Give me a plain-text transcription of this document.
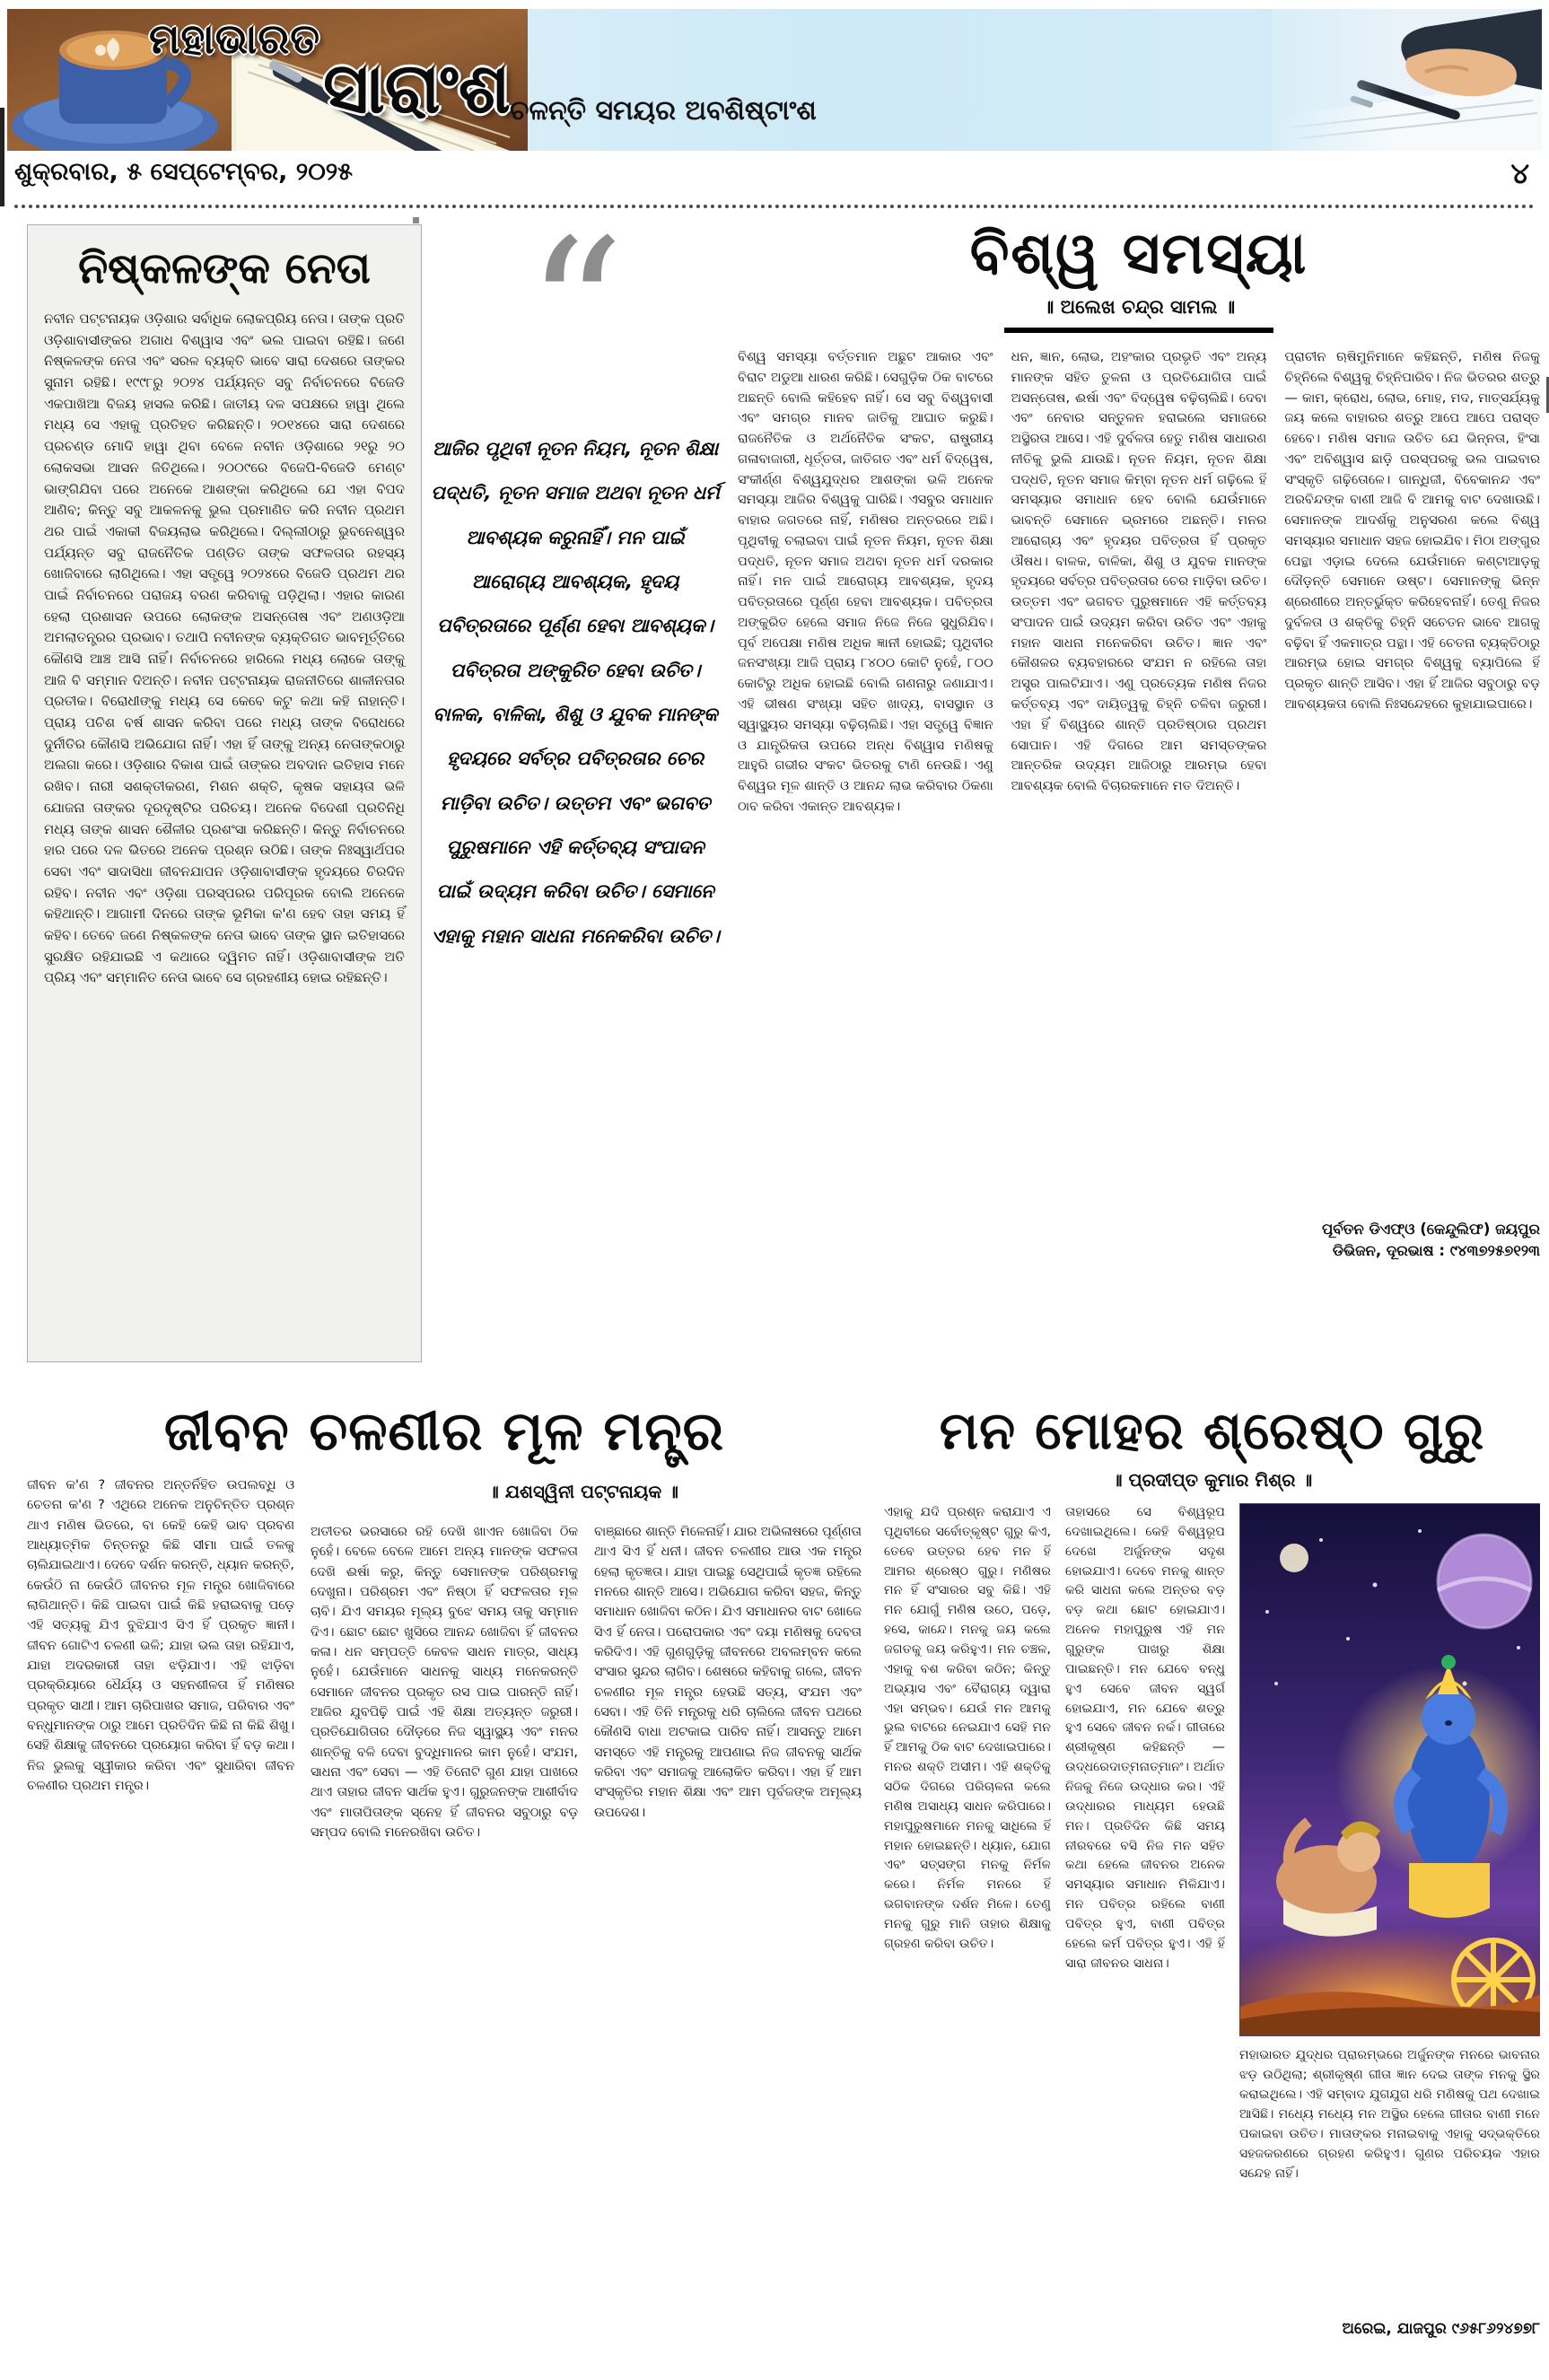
ମହାଭାରତ
ସାରାଂଶ ଚଳନ୍ତି ସମୟର ଅବଶିଷ୍ଟାଂଶ
ଶୁକ୍ରବାର, ୫ ସେପ୍ଟେମ୍ବର, ୨୦୨୫	୪
ନିଷ୍କଳଙ୍କ ନେତା
ନବୀନ ପଟ୍ଟନାୟକ ଓଡ଼ିଶାର ସର୍ବାଧିକ ଲୋକପ୍ରିୟ ନେତା। ତାଙ୍କ ପ୍ରତି ଓଡ଼ିଶାବାସୀଙ୍କର ଅଗାଧ ବିଶ୍ୱାସ ଏବଂ ଭଲ ପାଇବା ରହିଛି। ଜଣେ ନିଷ୍କଳଙ୍କ ନେତା ଏବଂ ସରଳ ବ୍ୟକ୍ତି ଭାବେ ସାରା ଦେଶରେ ତାଙ୍କର ସୁନାମ ରହିଛି। ୧୯୯୮ରୁ ୨୦୨୪ ପର୍ଯ୍ୟନ୍ତ ସବୁ ନିର୍ବାଚନରେ ବିଜେଡି ଏକପାଖିଆ ବିଜୟ ହାସଲ କରିଛି। ଜାତୀୟ ଦଳ ସପକ୍ଷରେ ହାୱା ଥିଲେ ମଧ୍ୟ ସେ ଏହାକୁ ପ୍ରତିହତ କରିଛନ୍ତି। ୨୦୧୪ରେ ସାରା ଦେଶରେ ପ୍ରଚଣ୍ଡ ମୋଦି ହାୱା ଥିବା ବେଳେ ନବୀନ ଓଡ଼ିଶାରେ ୨୧ରୁ ୨୦ ଲୋକସଭା ଆସନ ଜିତିଥିଲେ। ୨୦୦୯ରେ ବିଜେପି-ବିଜେଡି ମେଣ୍ଟ ଭାଙ୍ଗିଯିବା ପରେ ଅନେକେ ଆଶଙ୍କା କରିଥିଲେ ଯେ ଏହା ବିପଦ ଆଣିବ; କିନ୍ତୁ ସବୁ ଆକଳନକୁ ଭୁଲ ପ୍ରମାଣିତ କରି ନବୀନ ପ୍ରଥମ ଥର ପାଇଁ ଏକାକୀ ବିଜୟଲାଭ କରିଥିଲେ। ଦିଲ୍ଲୀଠାରୁ ଭୁବନେଶ୍ୱର ପର୍ଯ୍ୟନ୍ତ ସବୁ ରାଜନୈତିକ ପଣ୍ଡିତ ତାଙ୍କ ସଫଳତାର ରହସ୍ୟ ଖୋଜିବାରେ ଲାଗିଥିଲେ। ଏହା ସତ୍ତ୍ୱେ ୨୦୨୪ରେ ବିଜେଡି ପ୍ରଥମ ଥର ପାଇଁ ନିର୍ବାଚନରେ ପରାଜୟ ବରଣ କରିବାକୁ ପଡ଼ିଥିଲା। ଏହାର କାରଣ ହେଲା ପ୍ରଶାସନ ଉପରେ ଲୋକଙ୍କ ଅସନ୍ତୋଷ ଏବଂ ଅଣଓଡ଼ିଆ ଅମଲାତନ୍ତ୍ରର ପ୍ରଭାବ। ତଥାପି ନବୀନଙ୍କ ବ୍ୟକ୍ତିଗତ ଭାବମୂର୍ତ୍ତିରେ କୌଣସି ଆଞ୍ଚ ଆସି ନାହିଁ। ନିର୍ବାଚନରେ ହାରିଲେ ମଧ୍ୟ ଲୋକେ ତାଙ୍କୁ ଆଜି ବି ସମ୍ମାନ ଦିଅନ୍ତି। ନବୀନ ପଟ୍ଟନାୟକ ରାଜନୀତିରେ ଶାଳୀନତାର ପ୍ରତୀକ। ବିରୋଧୀଙ୍କୁ ମଧ୍ୟ ସେ କେବେ କଟୁ କଥା କହି ନାହାନ୍ତି। ପ୍ରାୟ ପଚିଶ ବର୍ଷ ଶାସନ କରିବା ପରେ ମଧ୍ୟ ତାଙ୍କ ବିରୋଧରେ ଦୁର୍ନୀତିର କୌଣସି ଅଭିଯୋଗ ନାହିଁ। ଏହା ହିଁ ତାଙ୍କୁ ଅନ୍ୟ ନେତାଙ୍କଠାରୁ ଅଲଗା କରେ। ଓଡ଼ିଶାର ବିକାଶ ପାଇଁ ତାଙ୍କର ଅବଦାନ ଇତିହାସ ମନେ ରଖିବ। ନାରୀ ସଶକ୍ତୀକରଣ, ମିଶନ ଶକ୍ତି, କୃଷକ ସହାୟତା ଭଳି ଯୋଜନା ତାଙ୍କର ଦୂରଦୃଷ୍ଟିର ପରିଚୟ। ଅନେକ ବିଦେଶୀ ପ୍ରତିନିଧି ମଧ୍ୟ ତାଙ୍କ ଶାସନ ଶୈଳୀର ପ୍ରଶଂସା କରିଛନ୍ତି। କିନ୍ତୁ ନିର୍ବାଚନରେ ହାର ପରେ ଦଳ ଭିତରେ ଅନେକ ପ୍ରଶ୍ନ ଉଠିଛି। ତାଙ୍କ ନିଃସ୍ୱାର୍ଥପର ସେବା ଏବଂ ସାଦାସିଧା ଜୀବନଯାପନ ଓଡ଼ିଶାବାସୀଙ୍କ ହୃଦୟରେ ଚିରଦିନ ରହିବ। ନବୀନ ଏବଂ ଓଡ଼ିଶା ପରସ୍ପରର ପରିପୂରକ ବୋଲି ଅନେକେ କହିଥାନ୍ତି। ଆଗାମୀ ଦିନରେ ତାଙ୍କ ଭୂମିକା କ'ଣ ହେବ ତାହା ସମୟ ହିଁ କହିବ। ତେବେ ଜଣେ ନିଷ୍କଳଙ୍କ ନେତା ଭାବେ ତାଙ୍କ ସ୍ଥାନ ଇତିହାସରେ ସୁରକ୍ଷିତ ରହିଯାଇଛି ଏ କଥାରେ ଦ୍ୱିମତ ନାହିଁ। ଓଡ଼ିଶାବାସୀଙ୍କ ଅତି ପ୍ରିୟ ଏବଂ ସମ୍ମାନିତ ନେତା ଭାବେ ସେ ଗ୍ରହଣୀୟ ହୋଇ ରହିଛନ୍ତି।
“
ଆଜିର ପୃଥିବୀ ନୂତନ ନିୟମ, ନୂତନ ଶିକ୍ଷା ପଦ୍ଧତି, ନୂତନ ସମାଜ ଅଥବା ନୂତନ ଧର୍ମ ଆବଶ୍ୟକ କରୁନାହିଁ। ମନ ପାଇଁ ଆରୋଗ୍ୟ ଆବଶ୍ୟକ, ହୃଦୟ ପବିତ୍ରତାରେ ପୂର୍ଣ୍ଣ ହେବା ଆବଶ୍ୟକ। ପବିତ୍ରତା ଅଙ୍କୁରିତ ହେବା ଉଚିତ। ବାଳକ, ବାଳିକା, ଶିଶୁ ଓ ଯୁବକ ମାନଙ୍କ ହୃଦୟରେ ସର୍ବତ୍ର ପବିତ୍ରତାର ଚେର ମାଡ଼ିବା ଉଚିତ। ଉତ୍ତମ ଏବଂ ଭଗବତ ପୁରୁଷମାନେ ଏହି କର୍ତ୍ତବ୍ୟ ସଂପାଦନ ପାଇଁ ଉଦ୍ୟମ କରିବା ଉଚିତ। ସେମାନେ ଏହାକୁ ମହାନ ସାଧନା ମନେକରିବା ଉଚିତ।
ବିଶ୍ୱ ସମସ୍ୟା
॥ ଅଲେଖ ଚନ୍ଦ୍ର ସାମଲ ॥
ବିଶ୍ୱ ସମସ୍ୟା ବର୍ତ୍ତମାନ ଅଛୁଟ ଆକାର ଏବଂ ବିରାଟ ଅଡୁଆ ଧାରଣ କରିଛି। ସେଗୁଡ଼ିକ ଠିକ ବାଟରେ ଅଛନ୍ତି ବୋଲି କହିହେବ ନାହିଁ। ସେ ସବୁ ବିଶ୍ୱବାସୀ ଏବଂ ସମଗ୍ର ମାନବ ଜାତିକୁ ଆଘାତ କରୁଛି। ରାଜନୈତିକ ଓ ଅର୍ଥନୈତିକ ସଂକଟ, ରାଷ୍ଟ୍ରୀୟ ଗଳାବାଜାରୀ, ଧୂର୍ତ୍ତତା, ଜାତିଗତ ଏବଂ ଧର୍ମ ବିଦ୍ୱେଷ, ସଂକୀର୍ଣ୍ଣ ବିଶ୍ୱଯୁଦ୍ଧର ଆଶଙ୍କା ଭଳି ଅନେକ ସମସ୍ୟା ଆଜିର ବିଶ୍ୱକୁ ଘାରିଛି। ଏସବୁର ସମାଧାନ ବାହାର ଜଗତରେ ନାହିଁ, ମଣିଷର ଅନ୍ତରରେ ଅଛି। ପୃଥିବୀକୁ ଚଲାଇବା ପାଇଁ ନୂତନ ନିୟମ, ନୂତନ ଶିକ୍ଷା ପଦ୍ଧତି, ନୂତନ ସମାଜ ଅଥବା ନୂତନ ଧର୍ମ ଦରକାର ନାହିଁ। ମନ ପାଇଁ ଆରୋଗ୍ୟ ଆବଶ୍ୟକ, ହୃଦୟ ପବିତ୍ରତାରେ ପୂର୍ଣ୍ଣ ହେବା ଆବଶ୍ୟକ। ପବିତ୍ରତା ଅଙ୍କୁରିତ ହେଲେ ସମାଜ ନିଜେ ନିଜେ ସୁଧୁରିଯିବ। ପୂର୍ବ ଅପେକ୍ଷା ମଣିଷ ଅଧିକ ଜ୍ଞାନୀ ହୋଇଛି; ପୃଥିବୀର ଜନସଂଖ୍ୟା ଆଜି ପ୍ରାୟ ୮୪୦୦ କୋଟି ନୁହେଁ, ୮୦୦ କୋଟିରୁ ଅଧିକ ହୋଇଛି ବୋଲି ଗଣନାରୁ ଜଣାଯାଏ। ଏହି ଭୀଷଣ ସଂଖ୍ୟା ସହିତ ଖାଦ୍ୟ, ବାସସ୍ଥାନ ଓ ସ୍ୱାସ୍ଥ୍ୟର ସମସ୍ୟା ବଢ଼ିଚାଲିଛି। ଏହା ସତ୍ତ୍ୱେ ବିଜ୍ଞାନ ଓ ଯାନ୍ତ୍ରିକତା ଉପରେ ଅନ୍ଧ ବିଶ୍ୱାସ ମଣିଷକୁ ଆହୁରି ଗଭୀର ସଂକଟ ଭିତରକୁ ଟାଣି ନେଉଛି। ଏଣୁ ବିଶ୍ୱର ମୂଳ ଶାନ୍ତି ଓ ଆନନ୍ଦ ଲାଭ କରିବାର ଠିକଣା ଠାବ କରିବା ଏକାନ୍ତ ଆବଶ୍ୟକ।
ଧନ, ଜ୍ଞାନ, ଲୋଭ, ଅହଂକାର ପ୍ରଭୃତି ଏବଂ ଅନ୍ୟ ମାନଙ୍କ ସହିତ ତୁଳନା ଓ ପ୍ରତିଯୋଗିତା ପାଇଁ ଅସନ୍ତୋଷ, ଈର୍ଷା ଏବଂ ବିଦ୍ୱେଷ ବଢ଼ିଚାଲିଛି। ଦେବା ଏବଂ ନେବାର ସନ୍ତୁଳନ ହରାଇଲେ ସମାଜରେ ଅସ୍ଥିରତା ଆସେ। ଏହି ଦୁର୍ବଳତା ହେତୁ ମଣିଷ ସାଧାରଣ ନୀତିକୁ ଭୁଲି ଯାଉଛି। ନୂତନ ନିୟମ, ନୂତନ ଶିକ୍ଷା ପଦ୍ଧତି, ନୂତନ ସମାଜ କିମ୍ବା ନୂତନ ଧର୍ମ ଗଢ଼ିଲେ ହିଁ ସମସ୍ୟାର ସମାଧାନ ହେବ ବୋଲି ଯେଉଁମାନେ ଭାବନ୍ତି ସେମାନେ ଭ୍ରମରେ ଅଛନ୍ତି। ମନର ଆରୋଗ୍ୟ ଏବଂ ହୃଦୟର ପବିତ୍ରତା ହିଁ ପ୍ରକୃତ ଔଷଧ। ବାଳକ, ବାଳିକା, ଶିଶୁ ଓ ଯୁବକ ମାନଙ୍କ ହୃଦୟରେ ସର୍ବତ୍ର ପବିତ୍ରତାର ଚେର ମାଡ଼ିବା ଉଚିତ। ଉତ୍ତମ ଏବଂ ଭଗବତ ପୁରୁଷମାନେ ଏହି କର୍ତ୍ତବ୍ୟ ସଂପାଦନ ପାଇଁ ଉଦ୍ୟମ କରିବା ଉଚିତ ଏବଂ ଏହାକୁ ମହାନ ସାଧନା ମନେକରିବା ଉଚିତ। ଜ୍ଞାନ ଏବଂ କୌଶଳର ବ୍ୟବହାରରେ ସଂଯମ ନ ରହିଲେ ତାହା ଅସ୍ତ୍ର ପାଲଟିଯାଏ। ଏଣୁ ପ୍ରତ୍ୟେକ ମଣିଷ ନିଜର କର୍ତ୍ତବ୍ୟ ଏବଂ ଦାୟିତ୍ୱକୁ ଚିହ୍ନି ଚଳିବା ଜରୁରୀ। ଏହା ହିଁ ବିଶ୍ୱରେ ଶାନ୍ତି ପ୍ରତିଷ୍ଠାର ପ୍ରଥମ ସୋପାନ। ଏହି ଦିଗରେ ଆମ ସମସ୍ତଙ୍କର ଆନ୍ତରିକ ଉଦ୍ୟମ ଆଜିଠାରୁ ଆରମ୍ଭ ହେବା ଆବଶ୍ୟକ ବୋଲି ବିଚାରକମାନେ ମତ ଦିଅନ୍ତି।
ପ୍ରାଚୀନ ଋଷିମୁନିମାନେ କହିଛନ୍ତି, ମଣିଷ ନିଜକୁ ଚିହ୍ନିଲେ ବିଶ୍ୱକୁ ଚିହ୍ନିପାରିବ। ନିଜ ଭିତରର ଶତ୍ରୁ — କାମ, କ୍ରୋଧ, ଲୋଭ, ମୋହ, ମଦ, ମାତ୍ସର୍ଯ୍ୟକୁ ଜୟ କଲେ ବାହାରର ଶତ୍ରୁ ଆପେ ଆପେ ପରାସ୍ତ ହେବେ। ମଣିଷ ସମାଜ ଉଚିତ ଯେ ଭିନ୍ନତା, ହିଂସା ଏବଂ ଅବିଶ୍ୱାସ ଛାଡ଼ି ପରସ୍ପରକୁ ଭଲ ପାଇବାର ସଂସ୍କୃତି ଗଢ଼ିତୋଳେ। ଗାନ୍ଧିଜୀ, ବିବେକାନନ୍ଦ ଏବଂ ଅରବିନ୍ଦଙ୍କ ବାଣୀ ଆଜି ବି ଆମକୁ ବାଟ ଦେଖାଉଛି। ସେମାନଙ୍କ ଆଦର୍ଶକୁ ଅନୁସରଣ କଲେ ବିଶ୍ୱ ସମସ୍ୟାର ସମାଧାନ ସହଜ ହୋଇଯିବ। ମିଠା ଅଙ୍ଗୁର ପେନ୍ଥା ଏଡ଼ାଇ ଦେଲେ ଯେଉଁମାନେ କଣ୍ଟାଆଡ଼କୁ ଦୌଡ଼ନ୍ତି ସେମାନେ ଉଷ୍ଟ। ସେମାନଙ୍କୁ ଭିନ୍ନ ଶ୍ରେଣୀରେ ଅନ୍ତର୍ଭୁକ୍ତ କରିହେବନାହିଁ। ତେଣୁ ନିଜର ଦୁର୍ବଳତା ଓ ଶକ୍ତିକୁ ଚିହ୍ନି ସଚେତନ ଭାବେ ଆଗକୁ ବଢ଼ିବା ହିଁ ଏକମାତ୍ର ପନ୍ଥା। ଏହି ଚେତନା ବ୍ୟକ୍ତିଠାରୁ ଆରମ୍ଭ ହୋଇ ସମଗ୍ର ବିଶ୍ୱକୁ ବ୍ୟାପିଲେ ହିଁ ପ୍ରକୃତ ଶାନ୍ତି ଆସିବ। ଏହା ହିଁ ଆଜିର ସବୁଠାରୁ ବଡ଼ ଆବଶ୍ୟକତା ବୋଲି ନିଃସନ୍ଦେହରେ କୁହାଯାଇପାରେ।
ପୂର୍ବତନ ଡିଏଫ୍ଓ (କେନ୍ଦୁଲିଫ) ଜୟପୁର
ଡିଭିଜନ, ଦୂରଭାଷ : ୯୪୩୭୨୫୭୧୨୩
ଜୀବନ ଚଳଣୀର ମୂଳ ମନ୍ତ୍ର
॥ ଯଶସ୍ୱିନୀ ପଟ୍ଟନାୟକ ॥
ଜୀବନ କ'ଣ ? ଜୀବନର ଅନ୍ତର୍ନିହିତ ଉପଲବ୍ଧି ଓ ଚେତନା କ'ଣ ? ଏଥିରେ ଅନେକ ଅନୁଚିନ୍ତିତ ପ୍ରଶ୍ନ ଥାଏ ମଣିଷ ଭିତରେ, ବା କେହି କେହି ଭାବ ପ୍ରବଣ ଆଧ୍ୟାତ୍ମିକ ଚିନ୍ତନରୁ କିଛି ସୀମା ପାଇଁ ତଳକୁ ଚାଲିଯାଇଥାଏ। ଦେବେ ଦର୍ଶନ କରନ୍ତି, ଧ୍ୟାନ କରନ୍ତି, କେଉଁଠି ନା କେଉଁଠି ଜୀବନର ମୂଳ ମନ୍ତ୍ର ଖୋଜିବାରେ ଲାଗିଥାନ୍ତି। କିଛି ପାଇବା ପାଇଁ କିଛି ହରାଇବାକୁ ପଡ଼େ ଏହି ସତ୍ୟକୁ ଯିଏ ବୁଝିଯାଏ ସିଏ ହିଁ ପ୍ରକୃତ ଜ୍ଞାନୀ। ଜୀବନ ଗୋଟିଏ ଚଳଣୀ ଭଳି; ଯାହା ଭଲ ତାହା ରହିଯାଏ, ଯାହା ଅଦରକାରୀ ତାହା ଝଡ଼ିଯାଏ। ଏହି ଝାଡ଼ିବା ପ୍ରକ୍ରିୟାରେ ଧୈର୍ଯ୍ୟ ଓ ସହନଶୀଳତା ହିଁ ମଣିଷର ପ୍ରକୃତ ସାଥୀ। ଆମ ଚାରିପାଖର ସମାଜ, ପରିବାର ଏବଂ ବନ୍ଧୁମାନଙ୍କ ଠାରୁ ଆମେ ପ୍ରତିଦିନ କିଛି ନା କିଛି ଶିଖୁ। ସେହି ଶିକ୍ଷାକୁ ଜୀବନରେ ପ୍ରୟୋଗ କରିବା ହିଁ ବଡ଼ କଥା। ନିଜ ଭୁଲକୁ ସ୍ୱୀକାର କରିବା ଏବଂ ସୁଧାରିବା ଜୀବନ ଚଳଣୀର ପ୍ରଥମ ମନ୍ତ୍ର।
ଅତୀତର ଭରସାରେ ରହି ଦେଖି ଖାଏନ ଖୋଜିବା ଠିକ ନୁହେଁ। ବେଳେ ବେଳେ ଆମେ ଅନ୍ୟ ମାନଙ୍କ ସଫଳତା ଦେଖି ଈର୍ଷା କରୁ, କିନ୍ତୁ ସେମାନଙ୍କ ପରିଶ୍ରମକୁ ଦେଖୁନା। ପରିଶ୍ରମ ଏବଂ ନିଷ୍ଠା ହିଁ ସଫଳତାର ମୂଳ ଚାବି। ଯିଏ ସମୟର ମୂଲ୍ୟ ବୁଝେ ସମୟ ତାକୁ ସମ୍ମାନ ଦିଏ। ଛୋଟ ଛୋଟ ଖୁସିରେ ଆନନ୍ଦ ଖୋଜିବା ହିଁ ଜୀବନର କଳା। ଧନ ସମ୍ପତ୍ତି କେବଳ ସାଧନ ମାତ୍ର, ସାଧ୍ୟ ନୁହେଁ। ଯେଉଁମାନେ ସାଧନକୁ ସାଧ୍ୟ ମନେକରନ୍ତି ସେମାନେ ଜୀବନର ପ୍ରକୃତ ରସ ପାଇ ପାରନ୍ତି ନାହିଁ। ଆଜିର ଯୁବପିଢ଼ି ପାଇଁ ଏହି ଶିକ୍ଷା ଅତ୍ୟନ୍ତ ଜରୁରୀ। ପ୍ରତିଯୋଗିତାର ଦୌଡ଼ରେ ନିଜ ସ୍ୱାସ୍ଥ୍ୟ ଏବଂ ମନର ଶାନ୍ତିକୁ ବଳି ଦେବା ବୁଦ୍ଧିମାନର କାମ ନୁହେଁ। ସଂଯମ, ସାଧନା ଏବଂ ସେବା — ଏହି ତିନୋଟି ଗୁଣ ଯାହା ପାଖରେ ଥାଏ ତାହାର ଜୀବନ ସାର୍ଥକ ହୁଏ। ଗୁରୁଜନଙ୍କ ଆଶୀର୍ବାଦ ଏବଂ ମାତାପିତାଙ୍କ ସ୍ନେହ ହିଁ ଜୀବନର ସବୁଠାରୁ ବଡ଼ ସମ୍ପଦ ବୋଲି ମନେରଖିବା ଉଚିତ।
ବାଞ୍ଛାରେ ଶାନ୍ତି ମିଳେନାହିଁ। ଯାର ଅଭିଳାଷରେ ପୂର୍ଣ୍ଣତା ଥାଏ ସିଏ ହିଁ ଧନୀ। ଜୀବନ ଚଳଣୀର ଆଉ ଏକ ମନ୍ତ୍ର ହେଲା କୃତଜ୍ଞତା। ଯାହା ପାଇଛୁ ସେଥିପାଇଁ କୃତଜ୍ଞ ରହିଲେ ମନରେ ଶାନ୍ତି ଆସେ। ଅଭିଯୋଗ କରିବା ସହଜ, କିନ୍ତୁ ସମାଧାନ ଖୋଜିବା କଠିନ। ଯିଏ ସମାଧାନର ବାଟ ଖୋଜେ ସିଏ ହିଁ ନେତା। ପରୋପକାର ଏବଂ ଦୟା ମଣିଷକୁ ଦେବତା କରିଦିଏ। ଏହି ଗୁଣଗୁଡ଼ିକୁ ଜୀବନରେ ଅବଲମ୍ବନ କଲେ ସଂସାର ସୁନ୍ଦର ଲାଗିବ। ଶେଷରେ କହିବାକୁ ଗଲେ, ଜୀବନ ଚଳଣୀର ମୂଳ ମନ୍ତ୍ର ହେଉଛି ସତ୍ୟ, ସଂଯମ ଏବଂ ସେବା। ଏହି ତିନି ମନ୍ତ୍ରକୁ ଧରି ଚାଲିଲେ ଜୀବନ ପଥରେ କୌଣସି ବାଧା ଅଟକାଇ ପାରିବ ନାହିଁ। ଆସନ୍ତୁ ଆମେ ସମସ୍ତେ ଏହି ମନ୍ତ୍ରକୁ ଆପଣାଇ ନିଜ ଜୀବନକୁ ସାର୍ଥକ କରିବା ଏବଂ ସମାଜକୁ ଆଲୋକିତ କରିବା। ଏହା ହିଁ ଆମ ସଂସ୍କୃତିର ମହାନ ଶିକ୍ଷା ଏବଂ ଆମ ପୂର୍ବଜଙ୍କ ଅମୂଲ୍ୟ ଉପଦେଶ।
ମନ ମୋହର ଶ୍ରେଷ୍ଠ ଗୁରୁ
॥ ପ୍ରଦୀପ୍ତ କୁମାର ମିଶ୍ର ॥
ଏହାକୁ ଯଦି ପ୍ରଶ୍ନ କରାଯାଏ ଏ ପୃଥିବୀରେ ସର୍ବୋତ୍କୃଷ୍ଟ ଗୁରୁ କିଏ, ତେବେ ଉତ୍ତର ହେବ ମନ ହିଁ ଆମର ଶ୍ରେଷ୍ଠ ଗୁରୁ। ମଣିଷର ମନ ହିଁ ସଂସାରର ସବୁ କିଛି। ଏହି ମନ ଯୋଗୁଁ ମଣିଷ ଉଠେ, ପଡ଼େ, ହସେ, କାନ୍ଦେ। ମନକୁ ଜୟ କଲେ ଜଗତକୁ ଜୟ କରିହୁଏ। ମନ ଚଞ୍ଚଳ, ଏହାକୁ ବଶ କରିବା କଠିନ; କିନ୍ତୁ ଅଭ୍ୟାସ ଏବଂ ବୈରାଗ୍ୟ ଦ୍ୱାରା ଏହା ସମ୍ଭବ। ଯେଉଁ ମନ ଆମକୁ ଭୁଲ ବାଟରେ ନେଇଯାଏ ସେହି ମନ ହିଁ ଆମକୁ ଠିକ ବାଟ ଦେଖାଇପାରେ। ମନର ଶକ୍ତି ଅସୀମ। ଏହି ଶକ୍ତିକୁ ସଠିକ ଦିଗରେ ପରିଚାଳନା କଲେ ମଣିଷ ଅସାଧ୍ୟ ସାଧନ କରିପାରେ। ମହାପୁରୁଷମାନେ ମନକୁ ସାଧିଲେ ହିଁ ମହାନ ହୋଇଛନ୍ତି। ଧ୍ୟାନ, ଯୋଗ ଏବଂ ସତ୍ସଙ୍ଗ ମନକୁ ନିର୍ମଳ କରେ। ନିର୍ମଳ ମନରେ ହିଁ ଭଗବାନଙ୍କ ଦର୍ଶନ ମିଳେ। ତେଣୁ ମନକୁ ଗୁରୁ ମାନି ତାହାର ଶିକ୍ଷାକୁ ଗ୍ରହଣ କରିବା ଉଚିତ।
ତାହାସରେ ସେ ବିଶ୍ୱରୂପ ଦେଖାଇଥିଲେ। କେହି ବିଶ୍ୱରୂପ ଦେଖେ ଅର୍ଜୁନଙ୍କ ସଦୃଶ ହୋଇଯାଏ। ଦେବେ ମନକୁ ଶାନ୍ତ କରି ସାଧନା କଲେ ଅନ୍ତର ବଡ଼ ବଡ଼ କଥା ଛୋଟ ହୋଇଯାଏ। ଅନେକ ମହାପୁରୁଷ ଏହି ମନ ଗୁରୁଙ୍କ ପାଖରୁ ଶିକ୍ଷା ପାଇଛନ୍ତି। ମନ ଯେବେ ବନ୍ଧୁ ହୁଏ ସେବେ ଜୀବନ ସ୍ୱର୍ଗ ହୋଇଯାଏ, ମନ ଯେବେ ଶତ୍ରୁ ହୁଏ ସେବେ ଜୀବନ ନର୍କ। ଗୀତାରେ ଶ୍ରୀକୃଷ୍ଣ କହିଛନ୍ତି — ଉଦ୍ଧରେଦାତ୍ମନାତ୍ମାନଂ। ଅର୍ଥାତ ନିଜକୁ ନିଜେ ଉଦ୍ଧାର କର। ଏହି ଉଦ୍ଧାରର ମାଧ୍ୟମ ହେଉଛି ମନ। ପ୍ରତିଦିନ କିଛି ସମୟ ନୀରବରେ ବସି ନିଜ ମନ ସହିତ କଥା ହେଲେ ଜୀବନର ଅନେକ ସମସ୍ୟାର ସମାଧାନ ମିଳିଯାଏ। ମନ ପବିତ୍ର ରହିଲେ ବାଣୀ ପବିତ୍ର ହୁଏ, ବାଣୀ ପବିତ୍ର ହେଲେ କର୍ମ ପବିତ୍ର ହୁଏ। ଏହି ହିଁ ସାରା ଜୀବନର ସାଧନା।
ମହାଭାରତ ଯୁଦ୍ଧର ପ୍ରାରମ୍ଭରେ ଅର୍ଜୁନଙ୍କ ମନରେ ଭାବନାର ଝଡ଼ ଉଠିଥିଲା; ଶ୍ରୀକୃଷ୍ଣ ଗୀତା ଜ୍ଞାନ ଦେଇ ତାଙ୍କ ମନକୁ ସ୍ଥିର କରାଇଥିଲେ। ଏହି ସମ୍ବାଦ ଯୁଗଯୁଗ ଧରି ମଣିଷକୁ ପଥ ଦେଖାଇ ଆସିଛି। ମଧ୍ୟେ ମଧ୍ୟେ ମନ ଅସ୍ଥିର ହେଲେ ଗୀତାର ବାଣୀ ମନେ ପକାଇବା ଉଚିତ। ମାତାଙ୍କର ମନାଇବାକୁ ଏହାକୁ ସଦ୍‌ଭକ୍ତିରେ ସହଜକରଣରେ ଗ୍ରହଣ କରିହୁଏ। ଗୁଣର ପରିଚୟକ ଏହାର ସନ୍ଦେହ ନାହିଁ।
ଅରେଇ, ଯାଜପୁର ୯୬୫୮୬୨୪୭୭୮
